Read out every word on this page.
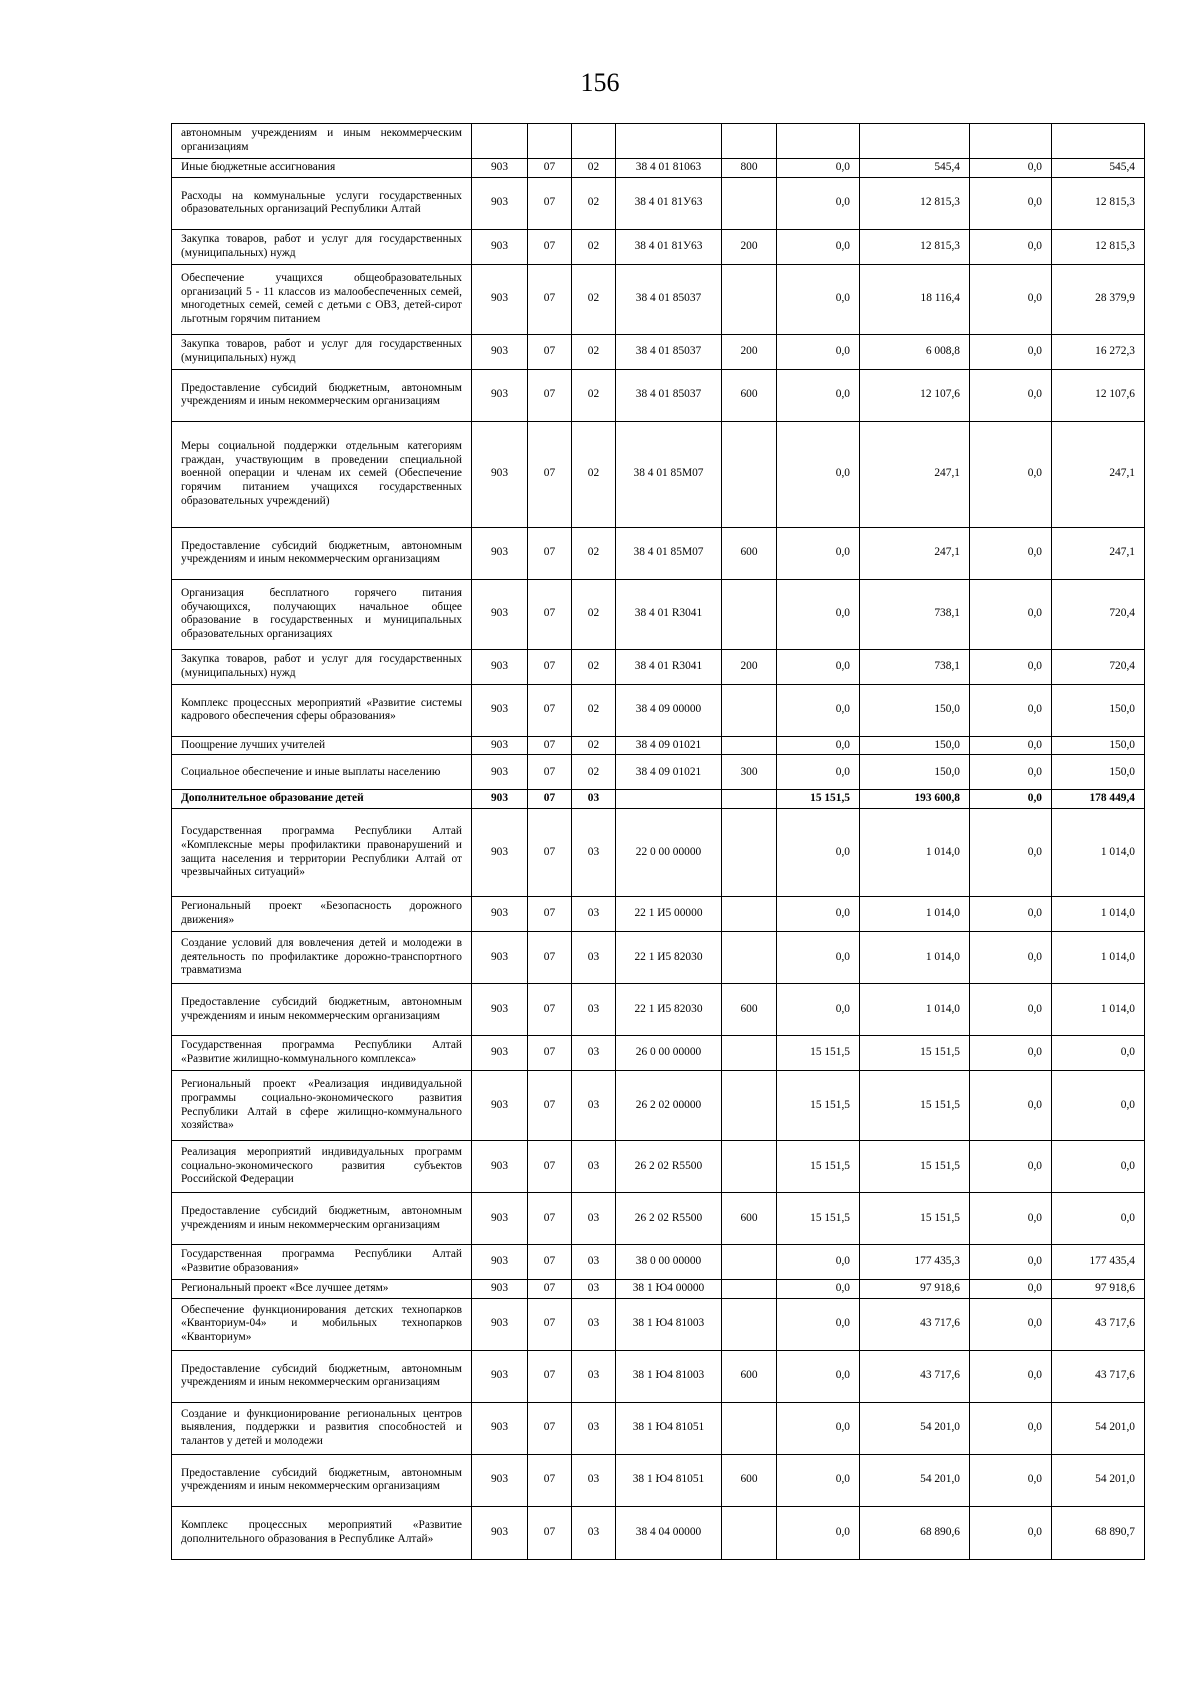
156
автономным учреждениям и иным некоммерческим организациям									
Иные бюджетные ассигнования	903	07	02	38 4 01 81063	800	0,0	545,4	0,0	545,4
Расходы на коммунальные услуги государственных образовательных организаций Республики Алтай	903	07	02	38 4 01 81У63		0,0	12 815,3	0,0	12 815,3
Закупка товаров, работ и услуг для государственных (муниципальных) нужд	903	07	02	38 4 01 81У63	200	0,0	12 815,3	0,0	12 815,3
Обеспечение учащихся общеобразовательных организаций 5 - 11 классов из малообеспеченных семей, многодетных семей, семей с детьми с ОВЗ, детей-сирот льготным горячим питанием	903	07	02	38 4 01 85037		0,0	18 116,4	0,0	28 379,9
Закупка товаров, работ и услуг для государственных (муниципальных) нужд	903	07	02	38 4 01 85037	200	0,0	6 008,8	0,0	16 272,3
Предоставление субсидий бюджетным, автономным учреждениям и иным некоммерческим организациям	903	07	02	38 4 01 85037	600	0,0	12 107,6	0,0	12 107,6
Меры социальной поддержки отдельным категориям граждан, участвующим в проведении специальной военной операции и членам их семей (Обеспечение горячим питанием учащихся государственных образовательных учреждений)	903	07	02	38 4 01 85М07		0,0	247,1	0,0	247,1
Предоставление субсидий бюджетным, автономным учреждениям и иным некоммерческим организациям	903	07	02	38 4 01 85М07	600	0,0	247,1	0,0	247,1
Организация бесплатного горячего питания обучающихся, получающих начальное общее образование в государственных и муниципальных образовательных организациях	903	07	02	38 4 01 R3041		0,0	738,1	0,0	720,4
Закупка товаров, работ и услуг для государственных (муниципальных) нужд	903	07	02	38 4 01 R3041	200	0,0	738,1	0,0	720,4
Комплекс процессных мероприятий «Развитие системы кадрового обеспечения сферы образования»	903	07	02	38 4 09 00000		0,0	150,0	0,0	150,0
Поощрение лучших учителей	903	07	02	38 4 09 01021		0,0	150,0	0,0	150,0
Социальное обеспечение и иные выплаты населению	903	07	02	38 4 09 01021	300	0,0	150,0	0,0	150,0
Дополнительное образование детей	903	07	03			15 151,5	193 600,8	0,0	178 449,4
Государственная программа Республики Алтай «Комплексные меры профилактики правонарушений и защита населения и территории Республики Алтай от чрезвычайных ситуаций»	903	07	03	22 0 00 00000		0,0	1 014,0	0,0	1 014,0
Региональный проект «Безопасность дорожного движения»	903	07	03	22 1 И5 00000		0,0	1 014,0	0,0	1 014,0
Создание условий для вовлечения детей и молодежи в деятельность по профилактике дорожно-транспортного травматизма	903	07	03	22 1 И5 82030		0,0	1 014,0	0,0	1 014,0
Предоставление субсидий бюджетным, автономным учреждениям и иным некоммерческим организациям	903	07	03	22 1 И5 82030	600	0,0	1 014,0	0,0	1 014,0
Государственная программа Республики Алтай «Развитие жилищно-коммунального комплекса»	903	07	03	26 0 00 00000		15 151,5	15 151,5	0,0	0,0
Региональный проект «Реализация индивидуальной программы социально-экономического развития Республики Алтай в сфере жилищно-коммунального хозяйства»	903	07	03	26 2 02 00000		15 151,5	15 151,5	0,0	0,0
Реализация мероприятий индивидуальных программ социально-экономического развития субъектов Российской Федерации	903	07	03	26 2 02 R5500		15 151,5	15 151,5	0,0	0,0
Предоставление субсидий бюджетным, автономным учреждениям и иным некоммерческим организациям	903	07	03	26 2 02 R5500	600	15 151,5	15 151,5	0,0	0,0
Государственная программа Республики Алтай «Развитие образования»	903	07	03	38 0 00 00000		0,0	177 435,3	0,0	177 435,4
Региональный проект «Все лучшее детям»	903	07	03	38 1 Ю4 00000		0,0	97 918,6	0,0	97 918,6
Обеспечение функционирования детских технопарков «Кванториум-04» и мобильных технопарков «Кванториум»	903	07	03	38 1 Ю4 81003		0,0	43 717,6	0,0	43 717,6
Предоставление субсидий бюджетным, автономным учреждениям и иным некоммерческим организациям	903	07	03	38 1 Ю4 81003	600	0,0	43 717,6	0,0	43 717,6
Создание и функционирование региональных центров выявления, поддержки и развития способностей и талантов у детей и молодежи	903	07	03	38 1 Ю4 81051		0,0	54 201,0	0,0	54 201,0
Предоставление субсидий бюджетным, автономным учреждениям и иным некоммерческим организациям	903	07	03	38 1 Ю4 81051	600	0,0	54 201,0	0,0	54 201,0
Комплекс процессных мероприятий «Развитие дополнительного образования в Республике Алтай»	903	07	03	38 4 04 00000		0,0	68 890,6	0,0	68 890,7
